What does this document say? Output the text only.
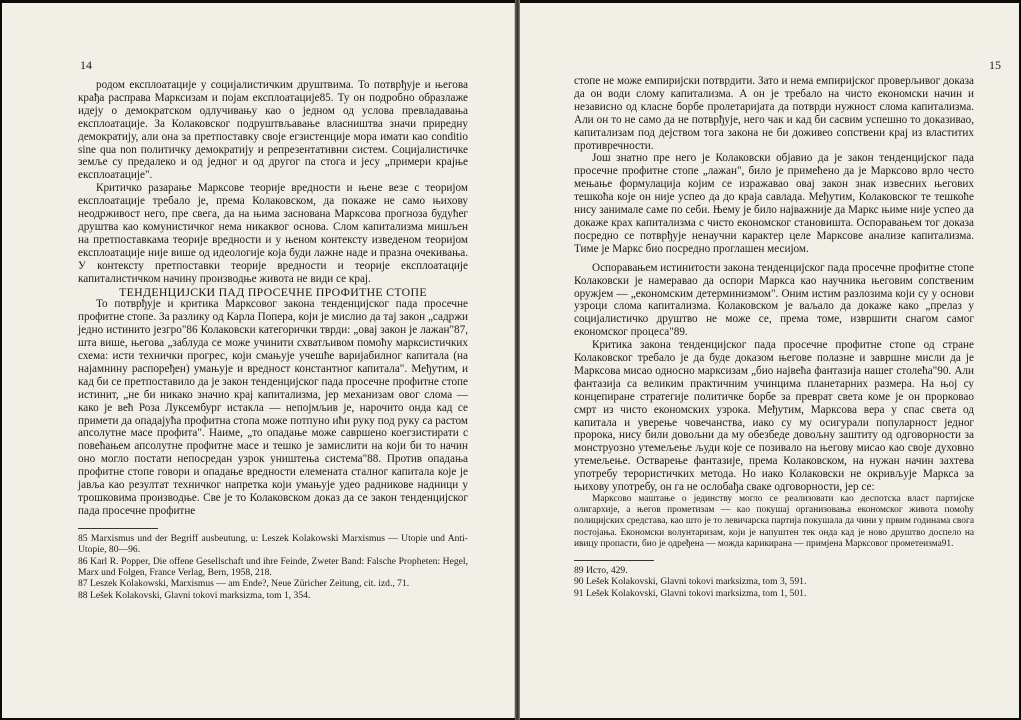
14

родом експлоатације у социјалистичким друштвима. То потврђује и његова крађа расправа Марксизам и појам експлоатације85. Ту он подробно образлаже идеју о демократском одлучивању као о једном од услова превладавања експлоатације. За Колаковског подруштвљавање власништва значи приредну демократију, али она за претпоставку своје егзистенције мора имати као conditio sine qua non политичку демократију и репрезентативни систем. Социјалистичке земље су предалеко и од једног и од другог па стога и јесу „примери крајње експлоатације".

Критичко разарање Марксове теорије вредности и њене везе с теоријом експлоатације требало је, према Колаковском, да покаже не само њихову неодрживост него, пре свега, да на њима заснована Марксова прогноза будућег друштва као комунистичког нема никаквог основа. Слом капитализма мишљен на претпоставкама теорије вредности и у њеном контексту изведеном теоријом експлоатације није више од идеологије која буди лажне наде и празна очекивања. У контексту претпоставки теорије вредности и теорије експлоатације капиталистичком начину производње живота не види се крај.

ТЕНДЕНЦИЈСКИ ПАД ПРОСЕЧНЕ ПРОФИТНЕ СТОПЕ

То потврђује и критика Марксовог закона тенденцијског пада просечне профитне стопе. За разлику од Карла Попера, који је мислио да тај закон „садржи једно истинито језгро"86 Колаковски категорички тврди: „овај закон је лажан"87, шта више, његова „заблуда се може учинити схватљивом помоћу марксистичких схема: исти технички прогрес, који смањује учешће варијабилног капитала (на најамнину распоређен) умањује и вредност константног капитала". Међутим, и кад би се претпоставило да је закон тенденцијског пада просечне профитне стопе истинит, „не би никако значио крај капитализма, јер механизам овог слома — како је већ Роза Луксембург истакла — непојмљив је, нарочито онда кад се примети да опадајућа профитна стопа може потпуно ићи руку под руку са растом апсолутне масе профита". Наиме, „то опадање може савршено коегзистирати с повећањем апсолутне профитне масе и тешко је замислити на који би то начин оно могло постати непосредан узрок уништења система"88. Против опадања профитне стопе говори и опадање вредности елемената сталног капитала које је јавља као резултат техничког напретка који умањује удео радникове надници у трошковима производње. Све је то Колаковском доказ да се закон тенденцијског пада просечне профитне

85 Marxismus und der Begriff ausbeutung, u: Leszek Kolakowski Marxismus — Utopie und Anti-Utopie, 80—96.

86 Karl R. Popper, Die offene Gesellschaft und ihre Feinde, Zweter Band: Falsche Propheten: Hegel, Marx und Folgen, France Verlag, Bern, 1958, 218.

87 Leszek Kolakowski, Marxismus — am Ende?, Neue Züricher Zeitung, cit. izd., 71.

88 Lešek Kolakovski, Glavni tokovi marksizma, tom 1, 354.

15

стопе не може емпиријски потврдити. Зато и нема емпиријског проверљивог доказа да он води слому капитализма. А он је требало на чисто економски начин и независно од класне борбе пролетаријата да потврди нужност слома капитализма. Али он то не само да не потврђује, него чак и кад би сасвим успешно то доказивао, капитализам под дејством тога закона не би доживео сопствени крај из властитих противречности.

Још знатно пре него је Колаковски објавио да је закон тенденцијског пада просечне профитне стопе „лажан", било је примећено да је Марксово врло често мењање формулација којим се изражавао овај закон знак извесних његових тешкоћа које он није успео да до краја савлада. Међутим, Колаковског те тешкоће нису занимале саме по себи. Њему је било најважније да Маркс њиме није успео да докаже крах капитализма с чисто економског становишта. Оспоравањем тог доказа посредно се потврђује ненаучни карактер целе Марксове анализе капитализма. Тиме је Маркс био посредно проглашен месијом.

Оспоравањем истинитости закона тенденцијског пада просечне профитне стопе Колаковски је намеравао да оспори Маркса као научника његовим сопственим оружјем — „економским детерминизмом". Оним истим разлозима који су у основи узроци слома капитализма. Колаковском је ваљало да докаже како „прелаз у социјалистичко друштво не може се, према томе, извршити снагом самог економског процеса"89.

Критика закона тенденцијског пада просечне профитне стопе од стране Колаковског требало је да буде доказом његове полазне и завршне мисли да је Марксова мисао односно марксизам „био највећа фантазија нашег столећа"90. Али фантазија са великим практичним учинцима планетарних размера. На њој су концепиране стратегије политичке борбе за преврат света коме је он прорковао смрт из чисто економских узрока. Међутим, Марксова вера у спас света од капитала и уверење човечанства, иако су му осигурали популарност једног пророка, нису били довољни да му обезбеде довољну заштиту од одговорности за монструозно утемељење људи које се позивало на његову мисао као своје духовно утемељење. Остварење фантазије, према Колаковском, на нужан начин захтева употребу терористичких метода. Но иако Колаковски не окривљује Маркса за њихову употребу, он га не ослобађа сваке одговорности, јер се:

Марксово маштање о јединству могло се реализовати као деспотска власт партијске олигархије, а његов прометизам — као покушај организовања економског живота помоћу полицијских средстава, као што је то левичарска партија покушала да чини у првим годинама свога постојања. Економски волунтаризам, који је напуштен тек онда кад је ново друштво доспело на ивицу пропасти, био је одређена — можда карикирана — примјена Марксовог прометеизма91.

89 Исто, 429.

90 Lešek Kolakovski, Glavni tokovi marksizma, tom 3, 591.

91 Lešek Kolakovski, Glavni tokovi marksizma, tom 1, 501.
